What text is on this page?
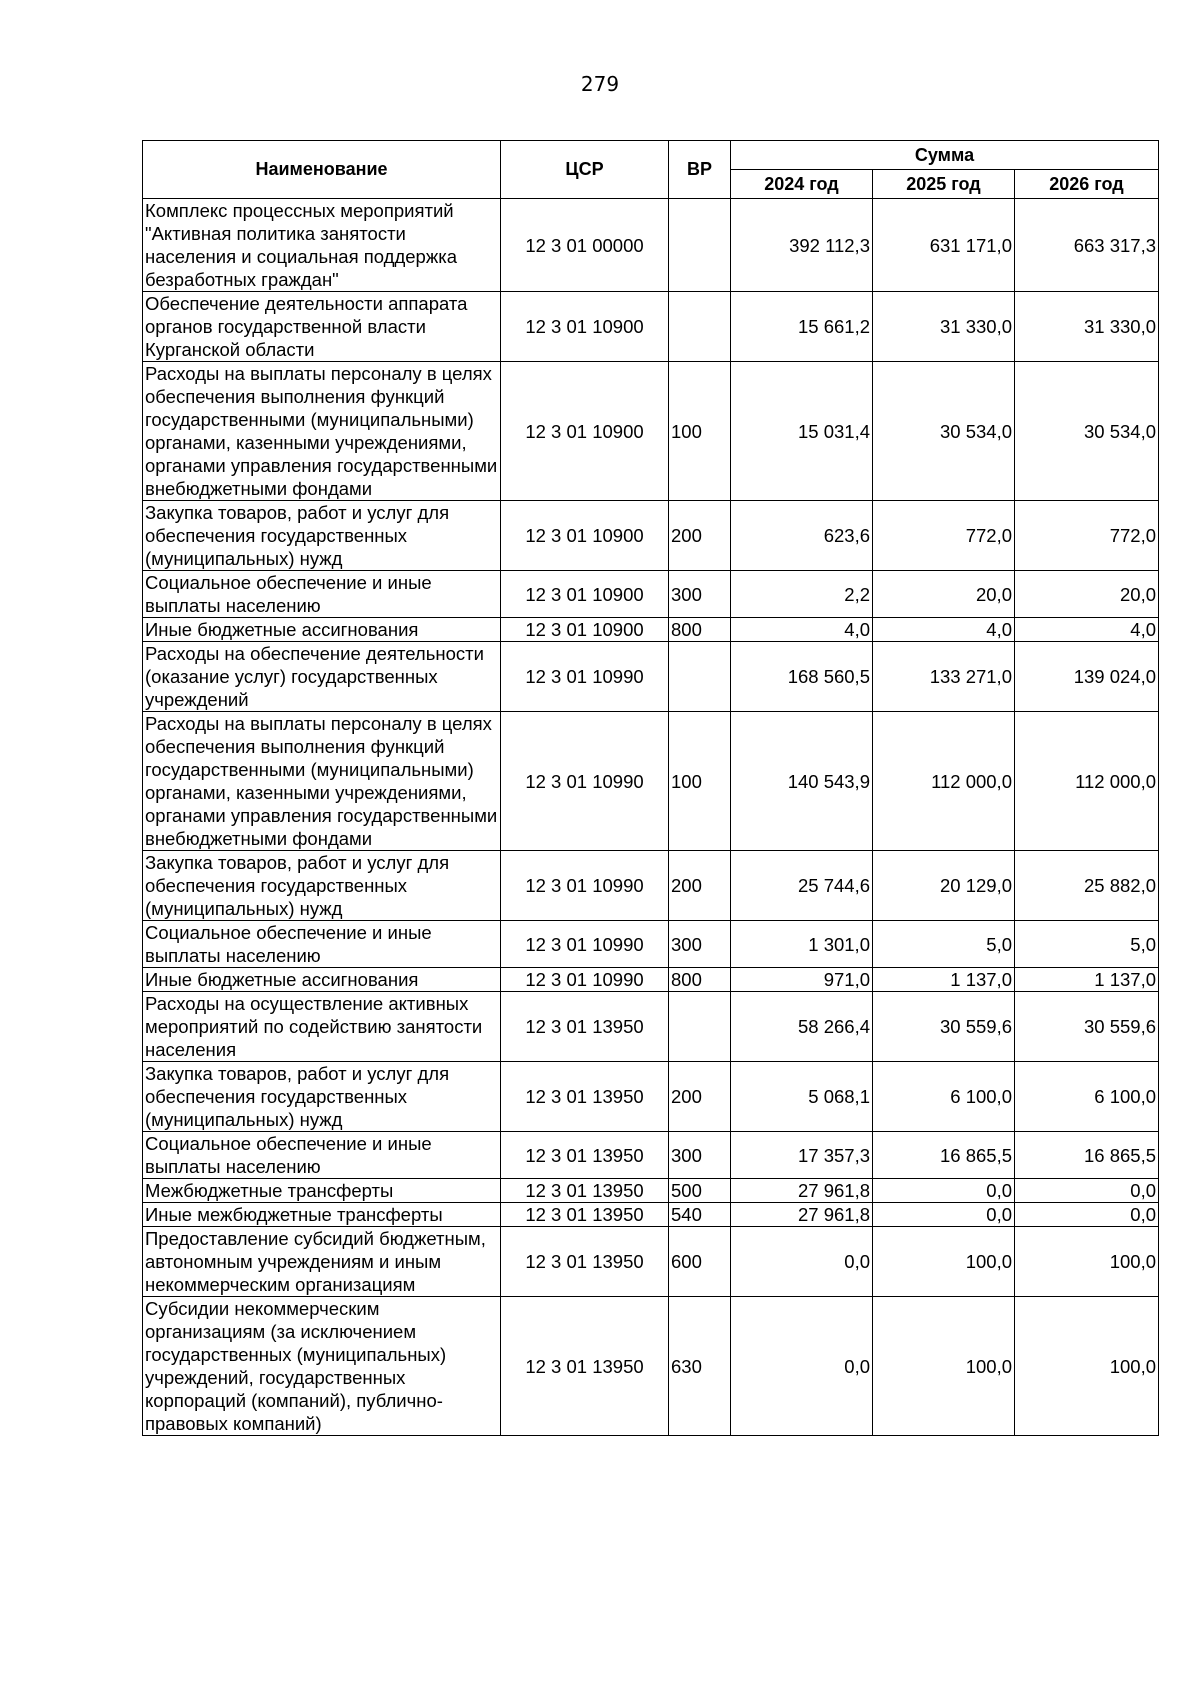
279
Наименование	ЦСР	ВР	Сумма		
			2024 год	2025 год	2026 год
Комплекс процессных мероприятий "Активная политика занятости населения и социальная поддержка безработных граждан"	12 3 01 00000		392 112,3	631 171,0	663 317,3
Обеспечение деятельности аппарата органов государственной власти Курганской области	12 3 01 10900		15 661,2	31 330,0	31 330,0
Расходы на выплаты персоналу в целях обеспечения выполнения функций государственными (муниципальными) органами, казенными учреждениями, органами управления государственными внебюджетными фондами	12 3 01 10900	100	15 031,4	30 534,0	30 534,0
Закупка товаров, работ и услуг для обеспечения государственных (муниципальных) нужд	12 3 01 10900	200	623,6	772,0	772,0
Социальное обеспечение и иные выплаты населению	12 3 01 10900	300	2,2	20,0	20,0
Иные бюджетные ассигнования	12 3 01 10900	800	4,0	4,0	4,0
Расходы на обеспечение деятельности (оказание услуг) государственных учреждений	12 3 01 10990		168 560,5	133 271,0	139 024,0
Расходы на выплаты персоналу в целях обеспечения выполнения функций государственными (муниципальными) органами, казенными учреждениями, органами управления государственными внебюджетными фондами	12 3 01 10990	100	140 543,9	112 000,0	112 000,0
Закупка товаров, работ и услуг для обеспечения государственных (муниципальных) нужд	12 3 01 10990	200	25 744,6	20 129,0	25 882,0
Социальное обеспечение и иные выплаты населению	12 3 01 10990	300	1 301,0	5,0	5,0
Иные бюджетные ассигнования	12 3 01 10990	800	971,0	1 137,0	1 137,0
Расходы на осуществление активных мероприятий по содействию занятости населения	12 3 01 13950		58 266,4	30 559,6	30 559,6
Закупка товаров, работ и услуг для обеспечения государственных (муниципальных) нужд	12 3 01 13950	200	5 068,1	6 100,0	6 100,0
Социальное обеспечение и иные выплаты населению	12 3 01 13950	300	17 357,3	16 865,5	16 865,5
Межбюджетные трансферты	12 3 01 13950	500	27 961,8	0,0	0,0
Иные межбюджетные трансферты	12 3 01 13950	540	27 961,8	0,0	0,0
Предоставление субсидий бюджетным, автономным учреждениям и иным некоммерческим организациям	12 3 01 13950	600	0,0	100,0	100,0
Субсидии некоммерческим организациям (за исключением государственных (муниципальных) учреждений, государственных корпораций (компаний), публично-правовых компаний)	12 3 01 13950	630	0,0	100,0	100,0
